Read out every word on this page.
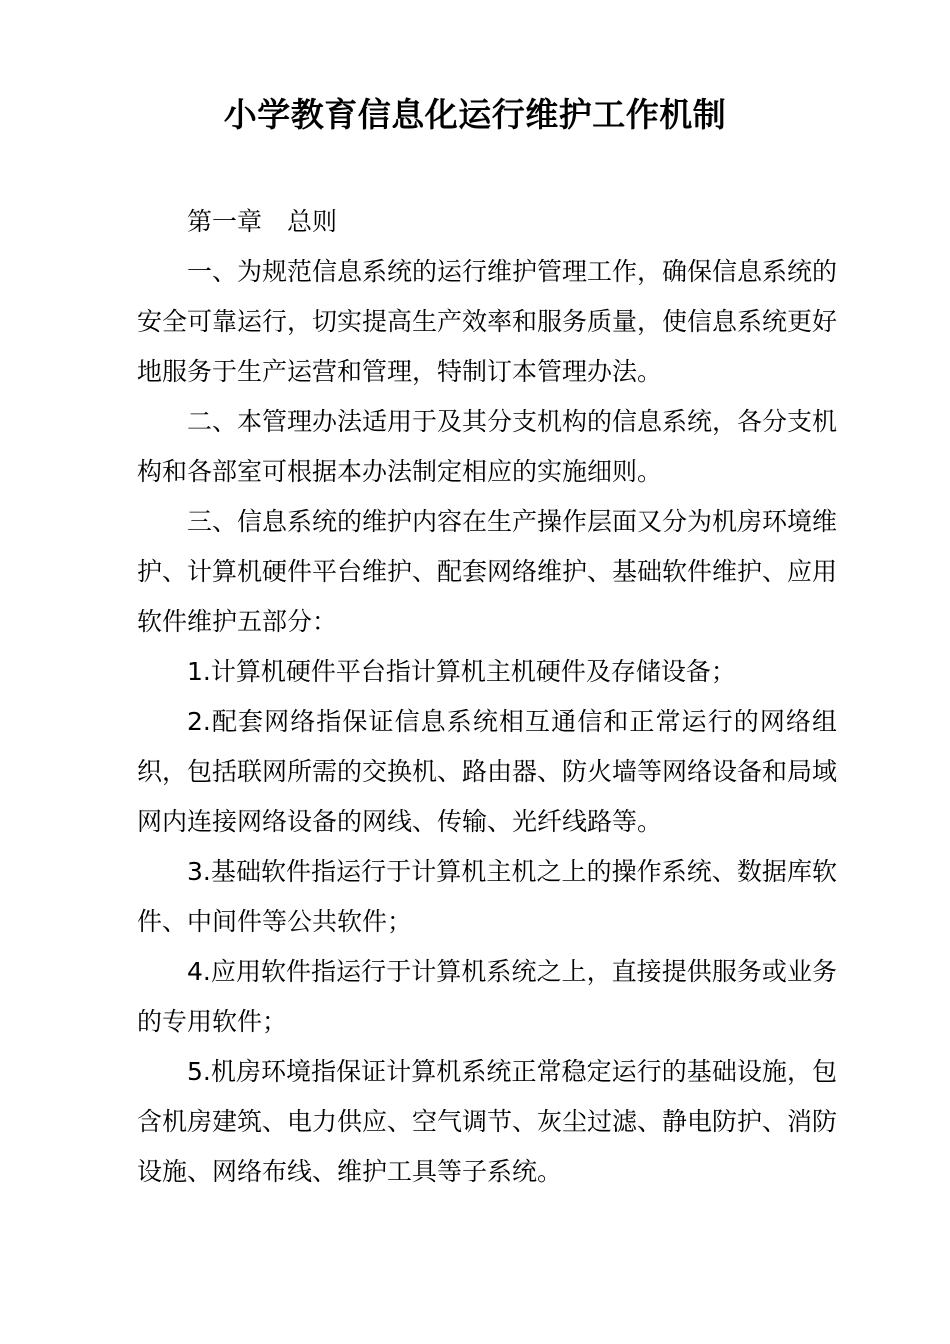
小学教育信息化运行维护工作机制

第一章　总则

一、为规范信息系统的运行维护管理工作，确保信息系统的安全可靠运行，切实提高生产效率和服务质量，使信息系统更好地服务于生产运营和管理，特制订本管理办法。

二、本管理办法适用于及其分支机构的信息系统，各分支机构和各部室可根据本办法制定相应的实施细则。

三、信息系统的维护内容在生产操作层面又分为机房环境维护、计算机硬件平台维护、配套网络维护、基础软件维护、应用软件维护五部分：

1.计算机硬件平台指计算机主机硬件及存储设备；

2.配套网络指保证信息系统相互通信和正常运行的网络组织，包括联网所需的交换机、路由器、防火墙等网络设备和局域网内连接网络设备的网线、传输、光纤线路等。

3.基础软件指运行于计算机主机之上的操作系统、数据库软件、中间件等公共软件；

4.应用软件指运行于计算机系统之上，直接提供服务或业务的专用软件；

5.机房环境指保证计算机系统正常稳定运行的基础设施，包含机房建筑、电力供应、空气调节、灰尘过滤、静电防护、消防设施、网络布线、维护工具等子系统。
